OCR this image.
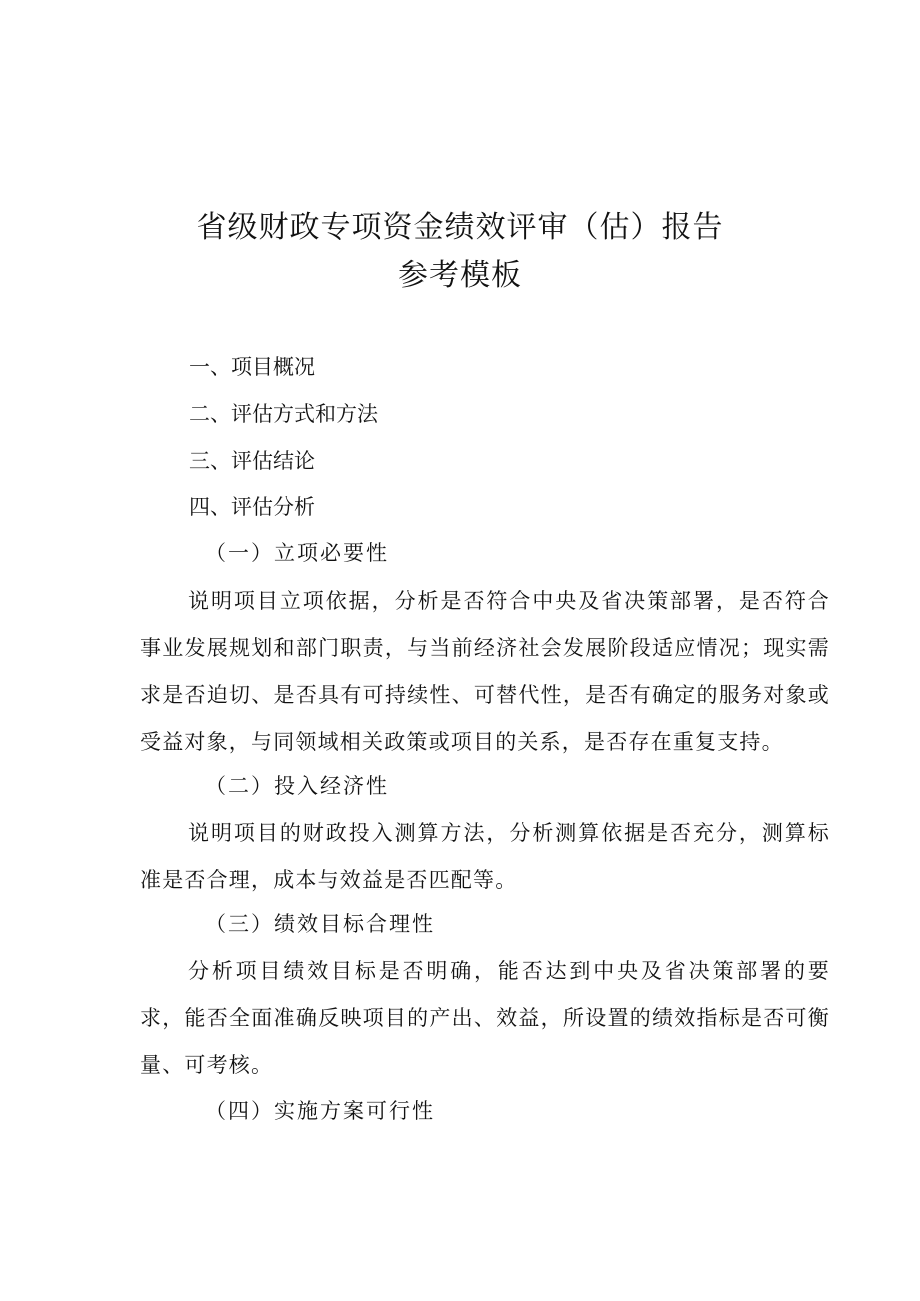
省级财政专项资金绩效评审（估）报告
参考模板
一、项目概况
二、评估方式和方法
三、评估结论
四、评估分析
（一）立项必要性

说明项目立项依据，分析是否符合中央及省决策部署，是否符合事业发展规划和部门职责，与当前经济社会发展阶段适应情况；现实需求是否迫切、是否具有可持续性、可替代性，是否有确定的服务对象或受益对象，与同领域相关政策或项目的关系，是否存在重复支持。

（二）投入经济性

说明项目的财政投入测算方法，分析测算依据是否充分，测算标准是否合理，成本与效益是否匹配等。

（三）绩效目标合理性

分析项目绩效目标是否明确，能否达到中央及省决策部署的要求，能否全面准确反映项目的产出、效益，所设置的绩效指标是否可衡量、可考核。

（四）实施方案可行性
